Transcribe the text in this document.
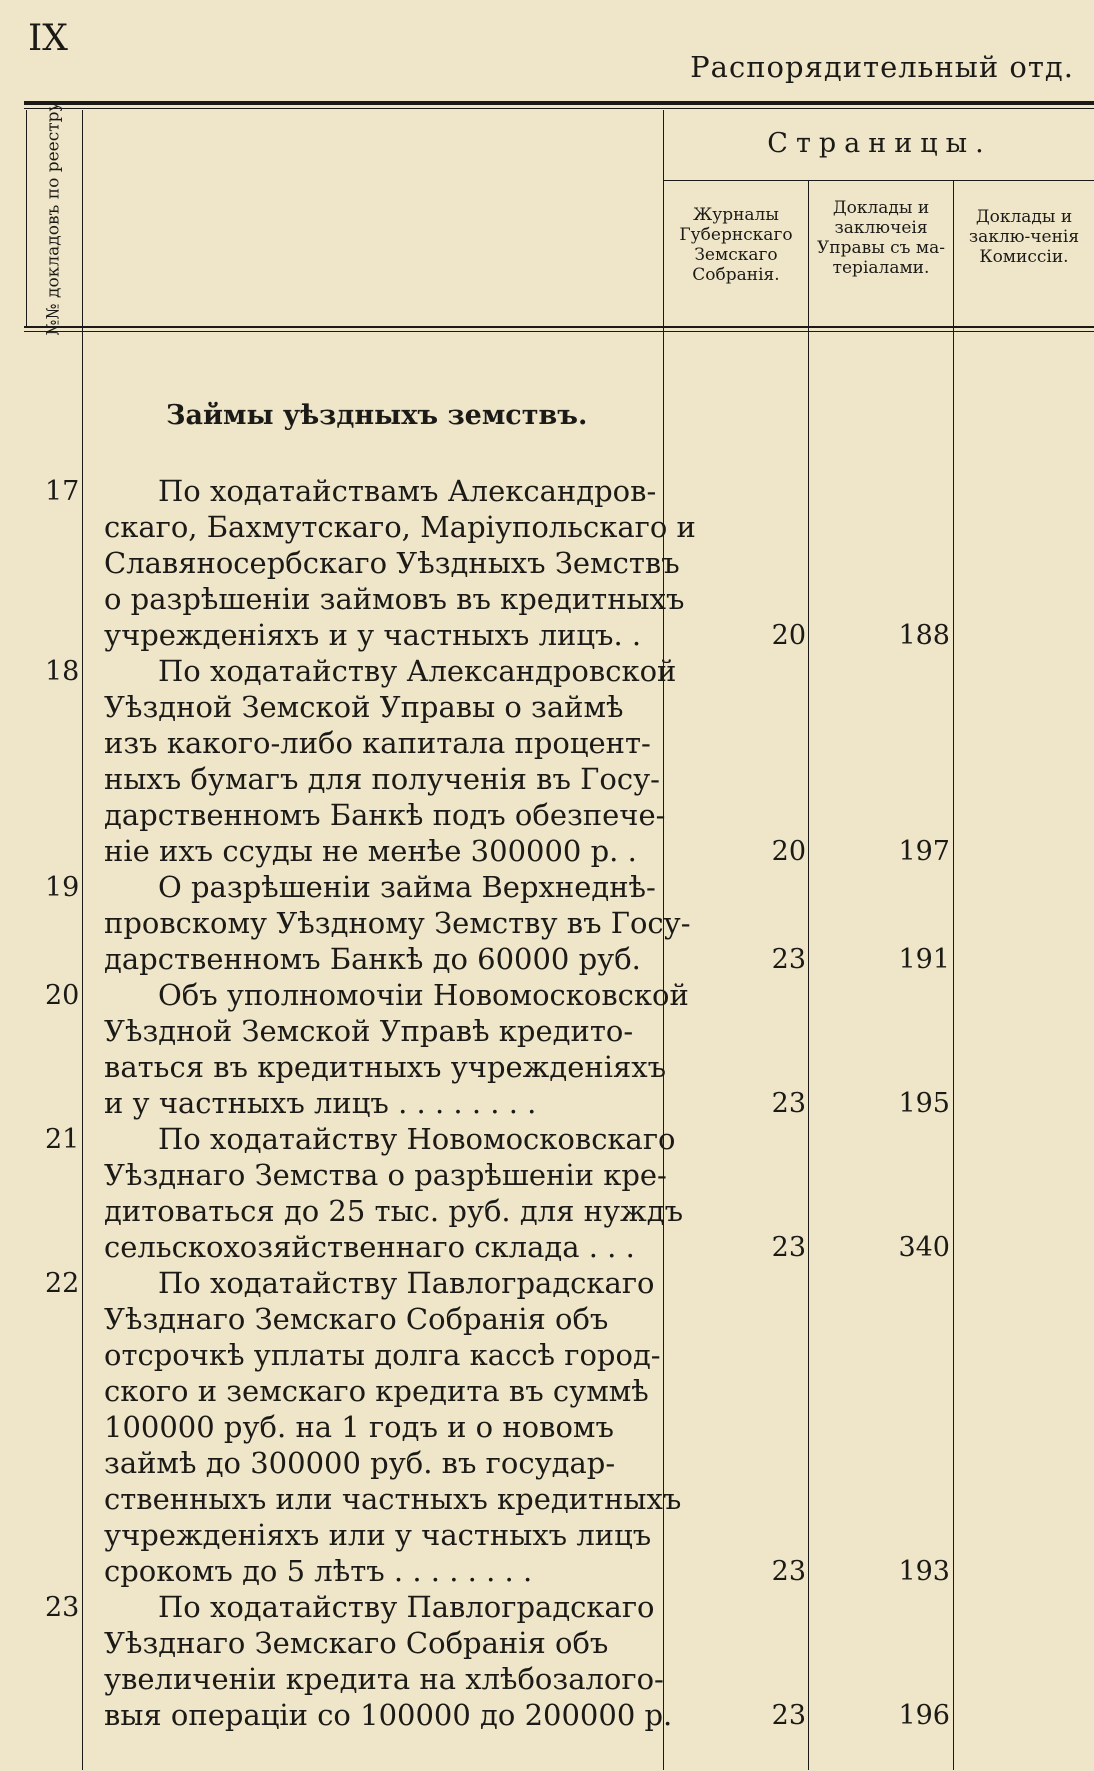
IX
Распорядительный отд.
№№ докладовъ по реестру	Страницы.
Журналы Губернскаго Земскаго Собранія.
Доклады и заключеія Управы съ ма-теріалами.
Доклады и заклю-ченія Комиссіи.
Займы уѣздныхъ земствъ.
17	По ходатайствамъ Александров-
скаго, Бахмутскаго, Маріупольскаго и
Славяносербскаго Уѣздныхъ Земствъ
о разрѣшеніи займовъ въ кредитныхъ
учрежденіяхъ и у частныхъ лицъ. .	20	188
18	По ходатайству Александровской
Уѣздной Земской Управы о займѣ
изъ какого-либо капитала процент-
ныхъ бумагъ для полученія въ Госу-
дарственномъ Банкѣ подъ обезпече-
ніе ихъ ссуды не менѣе 300000 р. .	20	197
19	О разрѣшеніи займа Верхнеднѣ-
провскому Уѣздному Земству въ Госу-
дарственномъ Банкѣ до 60000 руб.	23	191
20	Объ уполномочіи Новомосковской
Уѣздной Земской Управѣ кредито-
ваться въ кредитныхъ учрежденіяхъ
и у частныхъ лицъ . . . . . . . .	23	195
21	По ходатайству Новомосковскаго
Уѣзднаго Земства о разрѣшеніи кре-
дитоваться до 25 тыс. руб. для нуждъ
сельскохозяйственнаго склада . . .	23	340
22	По ходатайству Павлоградскаго
Уѣзднаго Земскаго Собранія объ
отсрочкѣ уплаты долга кассѣ город-
ского и земскаго кредита въ суммѣ
100000 руб. на 1 годъ и о новомъ
займѣ до 300000 руб. въ государ-
ственныхъ или частныхъ кредитныхъ
учрежденіяхъ или у частныхъ лицъ
срокомъ до 5 лѣтъ . . . . . . . .	23	193
23	По ходатайству Павлоградскаго
Уѣзднаго Земскаго Собранія объ
увеличеніи кредита на хлѣбозалого-
выя операціи со 100000 до 200000 р.	23	196
